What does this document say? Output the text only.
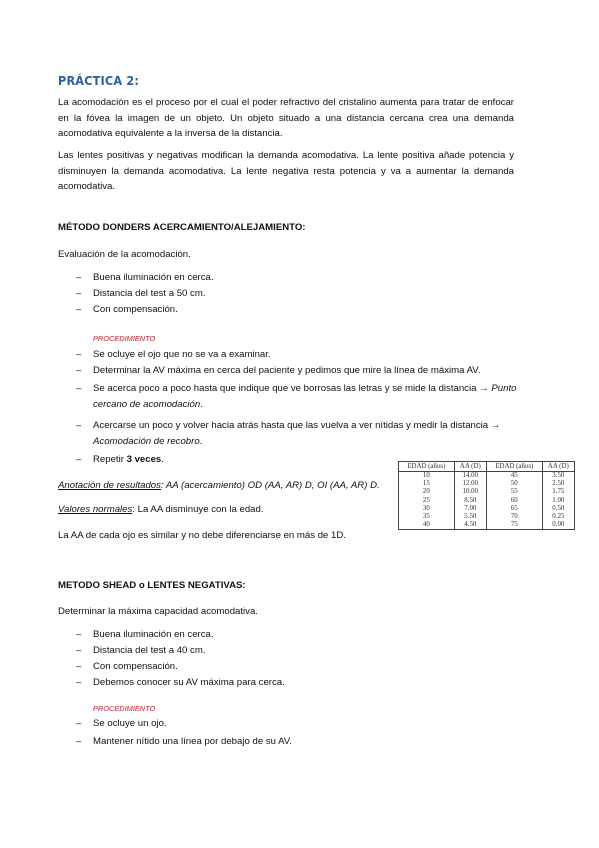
PRÁCTICA 2:
La acomodación es el proceso por el cual el poder refractivo del cristalino aumenta para tratar de enfocar en la fóvea la imagen de un objeto. Un objeto situado a una distancia cercana crea una demanda acomodativa equivalente a la inversa de la distancia.
Las lentes positivas y negativas modifican la demanda acomodativa. La lente positiva añade potencia y disminuyen la demanda acomodativa. La lente negativa resta potencia y va a aumentar la demanda acomodativa.
MÉTODO DONDERS ACERCAMIENTO/ALEJAMIENTO:
Evaluación de la acomodación.
– Buena iluminación en cerca.
– Distancia del test a 50 cm.
– Con compensación.
PROCEDIMIENTO
– Se ocluye el ojo que no se va a examinar.
– Determinar la AV máxima en cerca del paciente y pedimos que mire la línea de máxima AV.
– Se acerca poco a poco hasta que indique que ve borrosas las letras y se mide la distancia → Punto
cercano de acomodación.
– Acercarse un poco y volver hacia atrás hasta que las vuelva a ver nítidas y medir la distancia →
Acomodación de recobro.
– Repetir 3 veces.
Anotación de resultados: AA (acercamiento) OD (AA, AR) D, OI (AA, AR) D.
Valores normales: La AA disminuye con la edad.
La AA de cada ojo es similar y no debe diferenciarse en más de 1D.
EDAD (años)	AA (D)	EDAD (años)	AA (D)
10	14.00	45	3.50
15	12.00	50	2.50
20	10.00	55	1.75
25	8.50	60	1.00
30	7.00	65	0.50
35	5.50	70	0.25
40	4.50	75	0.00
METODO SHEAD o LENTES NEGATIVAS:
Determinar la máxima capacidad acomodativa.
– Buena iluminación en cerca.
– Distancia del test a 40 cm.
– Con compensación.
– Debemos conocer su AV máxima para cerca.
PROCEDIMIENTO
– Se ocluye un ojo.
– Mantener nítido una línea por debajo de su AV.
